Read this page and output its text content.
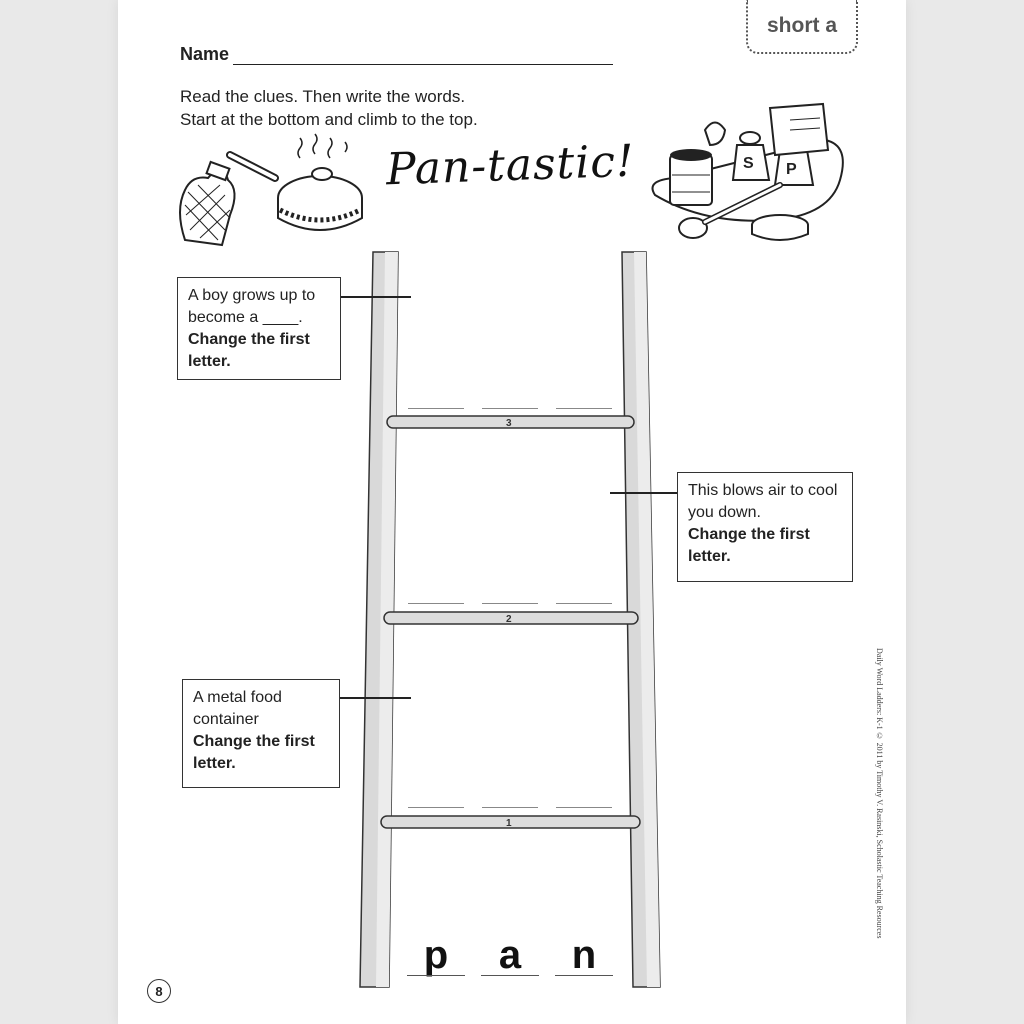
short a
Name
Read the clues. Then write the words.
Start at the bottom and climb to the top.
Pan-tastic!	S P
3
2
1
A boy grows up to become a ____.
Change the first letter.
This blows air to cool you down.
Change the first letter.
A metal food container
Change the first letter.
p	a	n
8
Daily Word Ladders: K-1 © 2011 by Timothy V. Rasinski, Scholastic Teaching Resources
